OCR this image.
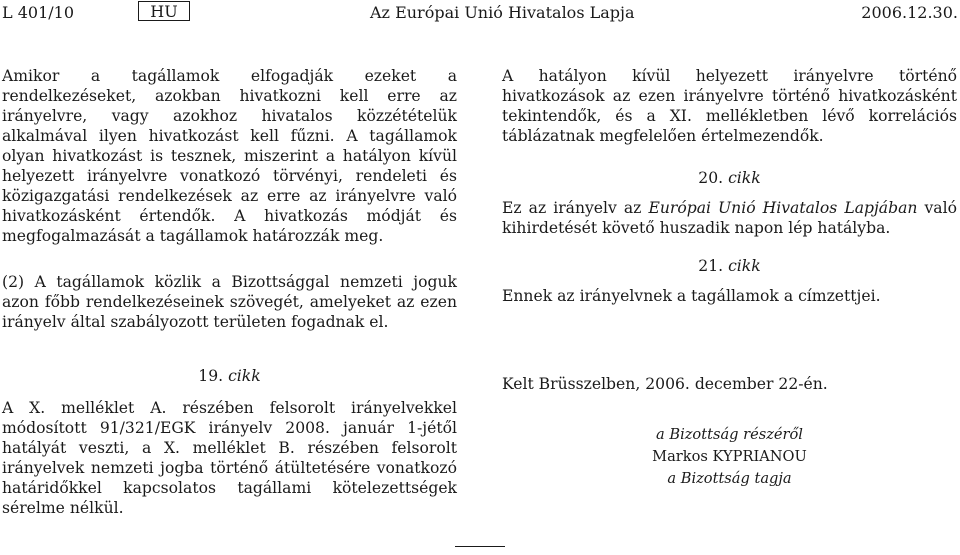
L 401/10	HU	Az Európai Unió Hivatalos Lapja	2006.12.30.

Amikor a tagállamok elfogadják ezeket a rendelkezéseket, azokban hivatkozni kell erre az irányelvre, vagy azokhoz hivatalos közzétételük alkalmával ilyen hivatkozást kell fűzni. A tagállamok olyan hivatkozást is tesznek, miszerint a hatályon kívül helyezett irányelvre vonatkozó törvényi, rendeleti és közigazgatási rendelkezések az erre az irányelvre való hivatkozásként értendők. A hivatkozás módját és megfogalmazását a tagállamok határozzák meg.

(2) A tagállamok közlik a Bizottsággal nemzeti joguk azon főbb rendelkezéseinek szövegét, amelyeket az ezen irányelv által szabályozott területen fogadnak el.

A hatályon kívül helyezett irányelvre történő hivatkozások az ezen irányelvre történő hivatkozásként tekintendők, és a XI. mellékletben lévő korrelációs táblázatnak megfelelően értelmezendők.

20. cikk

Ez az irányelv az Európai Unió Hivatalos Lapjában való kihirdetését követő huszadik napon lép hatályba.

21. cikk

Ennek az irányelvnek a tagállamok a címzettjei.

19. cikk

A X. melléklet A. részében felsorolt irányelvekkel módosított 91/321/EGK irányelv 2008. január 1-jétől hatályát veszti, a X. melléklet B. részében felsorolt irányelvek nemzeti jogba történő átültetésére vonatkozó határidőkkel kapcsolatos tagállami kötelezettségek sérelme nélkül.

Kelt Brüsszelben, 2006. december 22-én.

a Bizottság részéről
Markos KYPRIANOU
a Bizottság tagja
